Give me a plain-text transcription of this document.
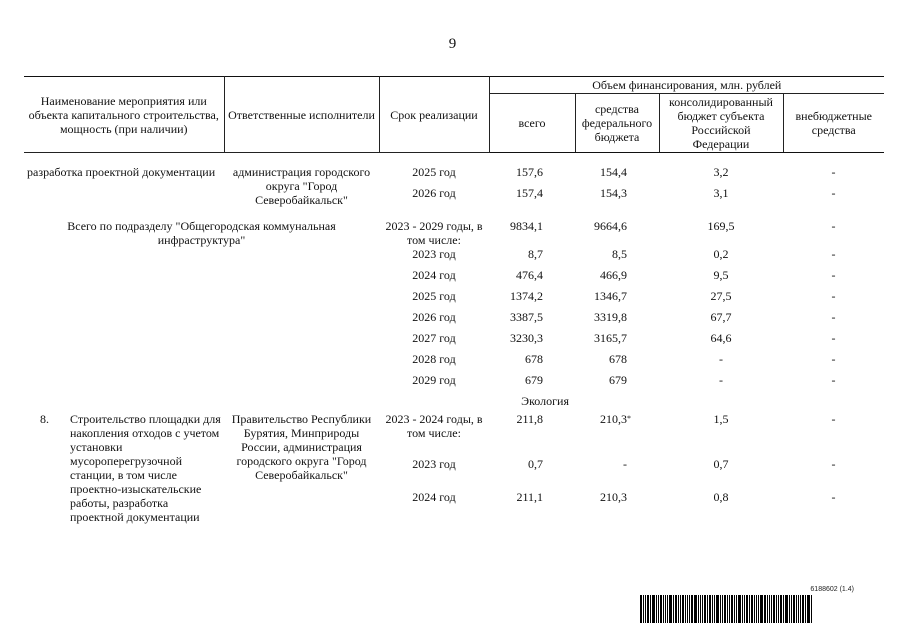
9
Наименование мероприятия или объекта капитального строительства, мощность (при наличии)	Ответственные исполнители	Срок реализации	Объем финансирования, млн. рублей			
			всего	средства федерального бюджета	консолидированный бюджет субъекта Российской Федерации	внебюджетные средства

разработка проектной документации	администрация городского округа "Город Северобайкальск"	2025 год	157,6	154,4	3,2	-
		2026 год	157,4	154,3	3,1	-

Всего по подразделу "Общегородская коммунальная инфраструктура"		2023 - 2029 годы, в том числе:	9834,1	9664,6	169,5	-
		2023 год	8,7	8,5	0,2	-
		2024 год	476,4	466,9	9,5	-
		2025 год	1374,2	1346,7	27,5	-
		2026 год	3387,5	3319,8	67,7	-
		2027 год	3230,3	3165,7	64,6	-
		2028 год	678	678	-	-
		2029 год	679	679	-	-
		Экология				

8. Строительство площадки для накопления отходов с учетом установки мусороперегрузочной станции, в том числе проектно-изыскательские работы, разработка проектной документации	Правительство Республики Бурятия, Минприроды России, администрация городского округа "Город Северобайкальск"	2023 - 2024 годы, в том числе:	211,8	210,3 *	1,5	-
		2023 год	0,7	-	0,7	-
		2024 год	211,1	210,3	0,8	-
6188602 (1.4)
